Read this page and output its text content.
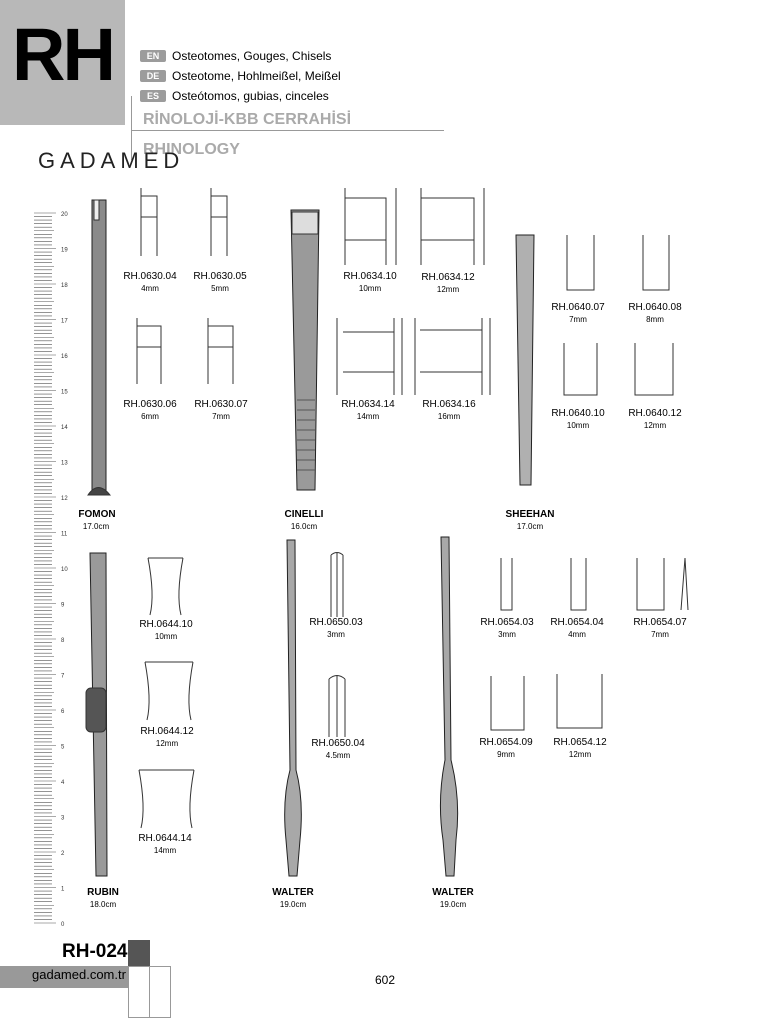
RH	EN	Osteotomes, Gouges, Chisels
DE	Osteotome, Hohlmeißel, Meißel
ES	Osteótomos, gubias, cinceles
RİNOLOJİ-KBB CERRAHİSİ
RHINOLOGY
GADAMED
20
19
18
17
16
15
14
13
12
11
10
9
8
7
6
5
4
3
2
1
0
RH.0630.04
4mm
RH.0630.05
5mm
RH.0630.06
6mm
RH.0630.07
7mm
RH.0634.10
10mm
RH.0634.12
12mm
RH.0634.14
14mm
RH.0634.16
16mm
RH.0640.07
7mm
RH.0640.08
8mm
RH.0640.10
10mm
RH.0640.12
12mm
RH.0644.10
10mm
RH.0644.12
12mm
RH.0644.14
14mm
RH.0650.03
3mm
RH.0650.04
4.5mm
RH.0654.03
3mm
RH.0654.04
4mm
RH.0654.07
7mm
RH.0654.09
9mm
RH.0654.12
12mm
FOMON
17.0cm
CINELLI
16.0cm
SHEEHAN
17.0cm
RUBIN
18.0cm
WALTER
19.0cm
WALTER
19.0cm
RH-024
gadamed.com.tr	602
